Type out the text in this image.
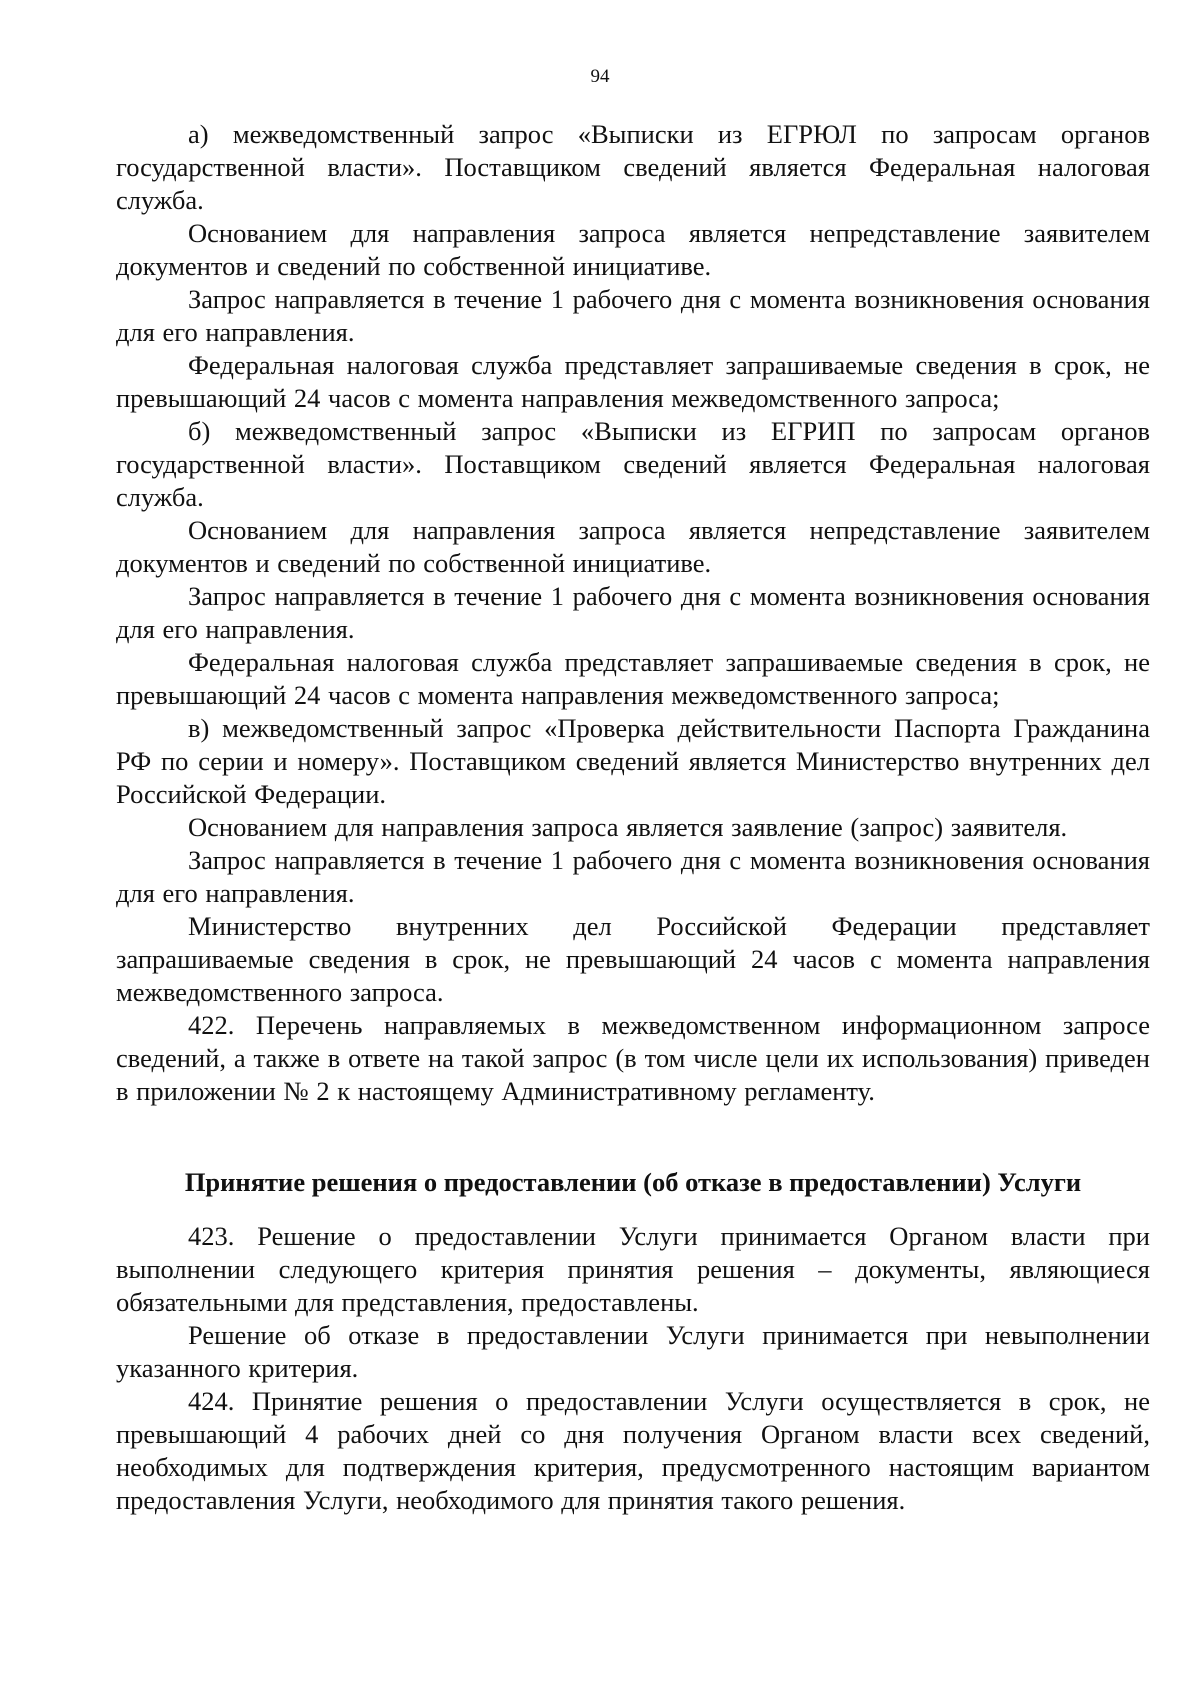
94

а) межведомственный запрос «Выписки из ЕГРЮЛ по запросам органов государственной власти». Поставщиком сведений является Федеральная налоговая служба.

Основанием для направления запроса является непредставление заявителем документов и сведений по собственной инициативе.

Запрос направляется в течение 1 рабочего дня с момента возникновения основания для его направления.

Федеральная налоговая служба представляет запрашиваемые сведения в срок, не превышающий 24 часов с момента направления межведомственного запроса;

б) межведомственный запрос «Выписки из ЕГРИП по запросам органов государственной власти». Поставщиком сведений является Федеральная налоговая служба.

Основанием для направления запроса является непредставление заявителем документов и сведений по собственной инициативе.

Запрос направляется в течение 1 рабочего дня с момента возникновения основания для его направления.

Федеральная налоговая служба представляет запрашиваемые сведения в срок, не превышающий 24 часов с момента направления межведомственного запроса;

в) межведомственный запрос «Проверка действительности Паспорта Гражданина РФ по серии и номеру». Поставщиком сведений является Министерство внутренних дел Российской Федерации.

Основанием для направления запроса является заявление (запрос) заявителя.

Запрос направляется в течение 1 рабочего дня с момента возникновения основания для его направления.

Министерство внутренних дел Российской Федерации представляет запрашиваемые сведения в срок, не превышающий 24 часов с момента направления межведомственного запроса.

422. Перечень направляемых в межведомственном информационном запросе сведений, а также в ответе на такой запрос (в том числе цели их использования) приведен в приложении № 2 к настоящему Административному регламенту.

Принятие решения о предоставлении (об отказе в предоставлении) Услуги

423. Решение о предоставлении Услуги принимается Органом власти при выполнении следующего критерия принятия решения – документы, являющиеся обязательными для представления, предоставлены.

Решение об отказе в предоставлении Услуги принимается при невыполнении указанного критерия.

424. Принятие решения о предоставлении Услуги осуществляется в срок, не превышающий 4 рабочих дней со дня получения Органом власти всех сведений, необходимых для подтверждения критерия, предусмотренного настоящим вариантом предоставления Услуги, необходимого для принятия такого решения.
